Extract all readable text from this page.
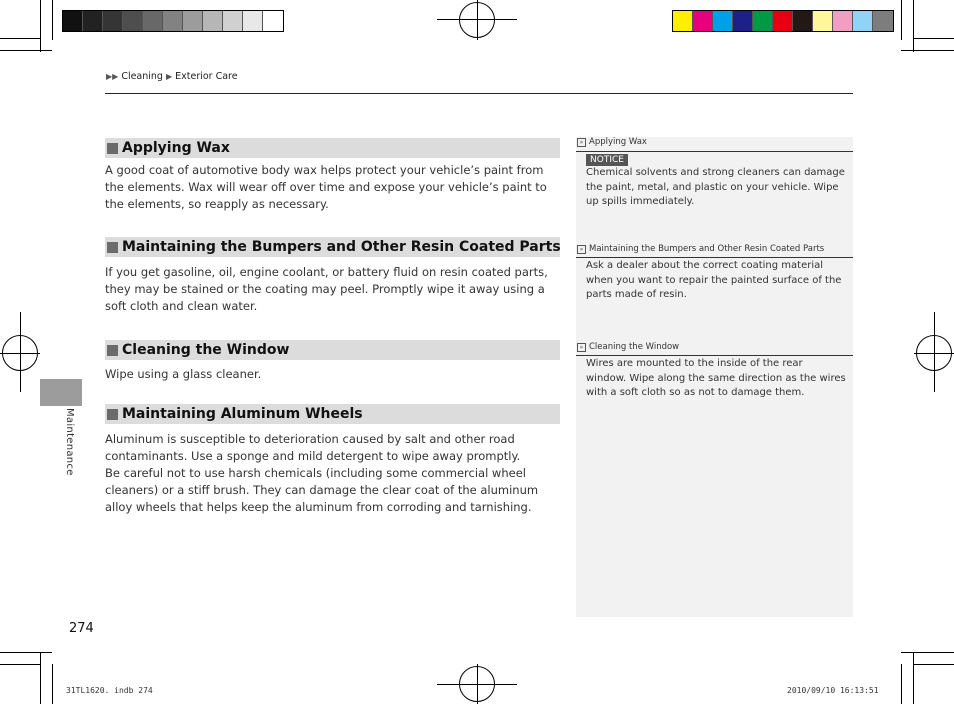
▶▶ Cleaning ▶ Exterior Care
Applying Wax

A good coat of automotive body wax helps protect your vehicle’s paint from the elements. Wax will wear off over time and expose your vehicle’s paint to the elements, so reapply as necessary.

Maintaining the Bumpers and Other Resin Coated Parts

If you get gasoline, oil, engine coolant, or battery fluid on resin coated parts, they may be stained or the coating may peel. Promptly wipe it away using a soft cloth and clean water.

Cleaning the Window

Wipe using a glass cleaner.

Maintaining Aluminum Wheels

Aluminum is susceptible to deterioration caused by salt and other road contaminants. Use a sponge and mild detergent to wipe away promptly.

Be careful not to use harsh chemicals (including some commercial wheel cleaners) or a stiff brush. They can damage the clear coat of the aluminum alloy wheels that helps keep the aluminum from corroding and tarnishing.

» Applying Wax
NOTICE
Chemical solvents and strong cleaners can damage the paint, metal, and plastic on your vehicle. Wipe up spills immediately.
» Maintaining the Bumpers and Other Resin Coated Parts
Ask a dealer about the correct coating material when you want to repair the painted surface of the parts made of resin.
» Cleaning the Window
Wires are mounted to the inside of the rear window. Wipe along the same direction as the wires with a soft cloth so as not to damage them.
Maintenance
274
31TL1620. indb 274	2010/09/10 16:13:51
